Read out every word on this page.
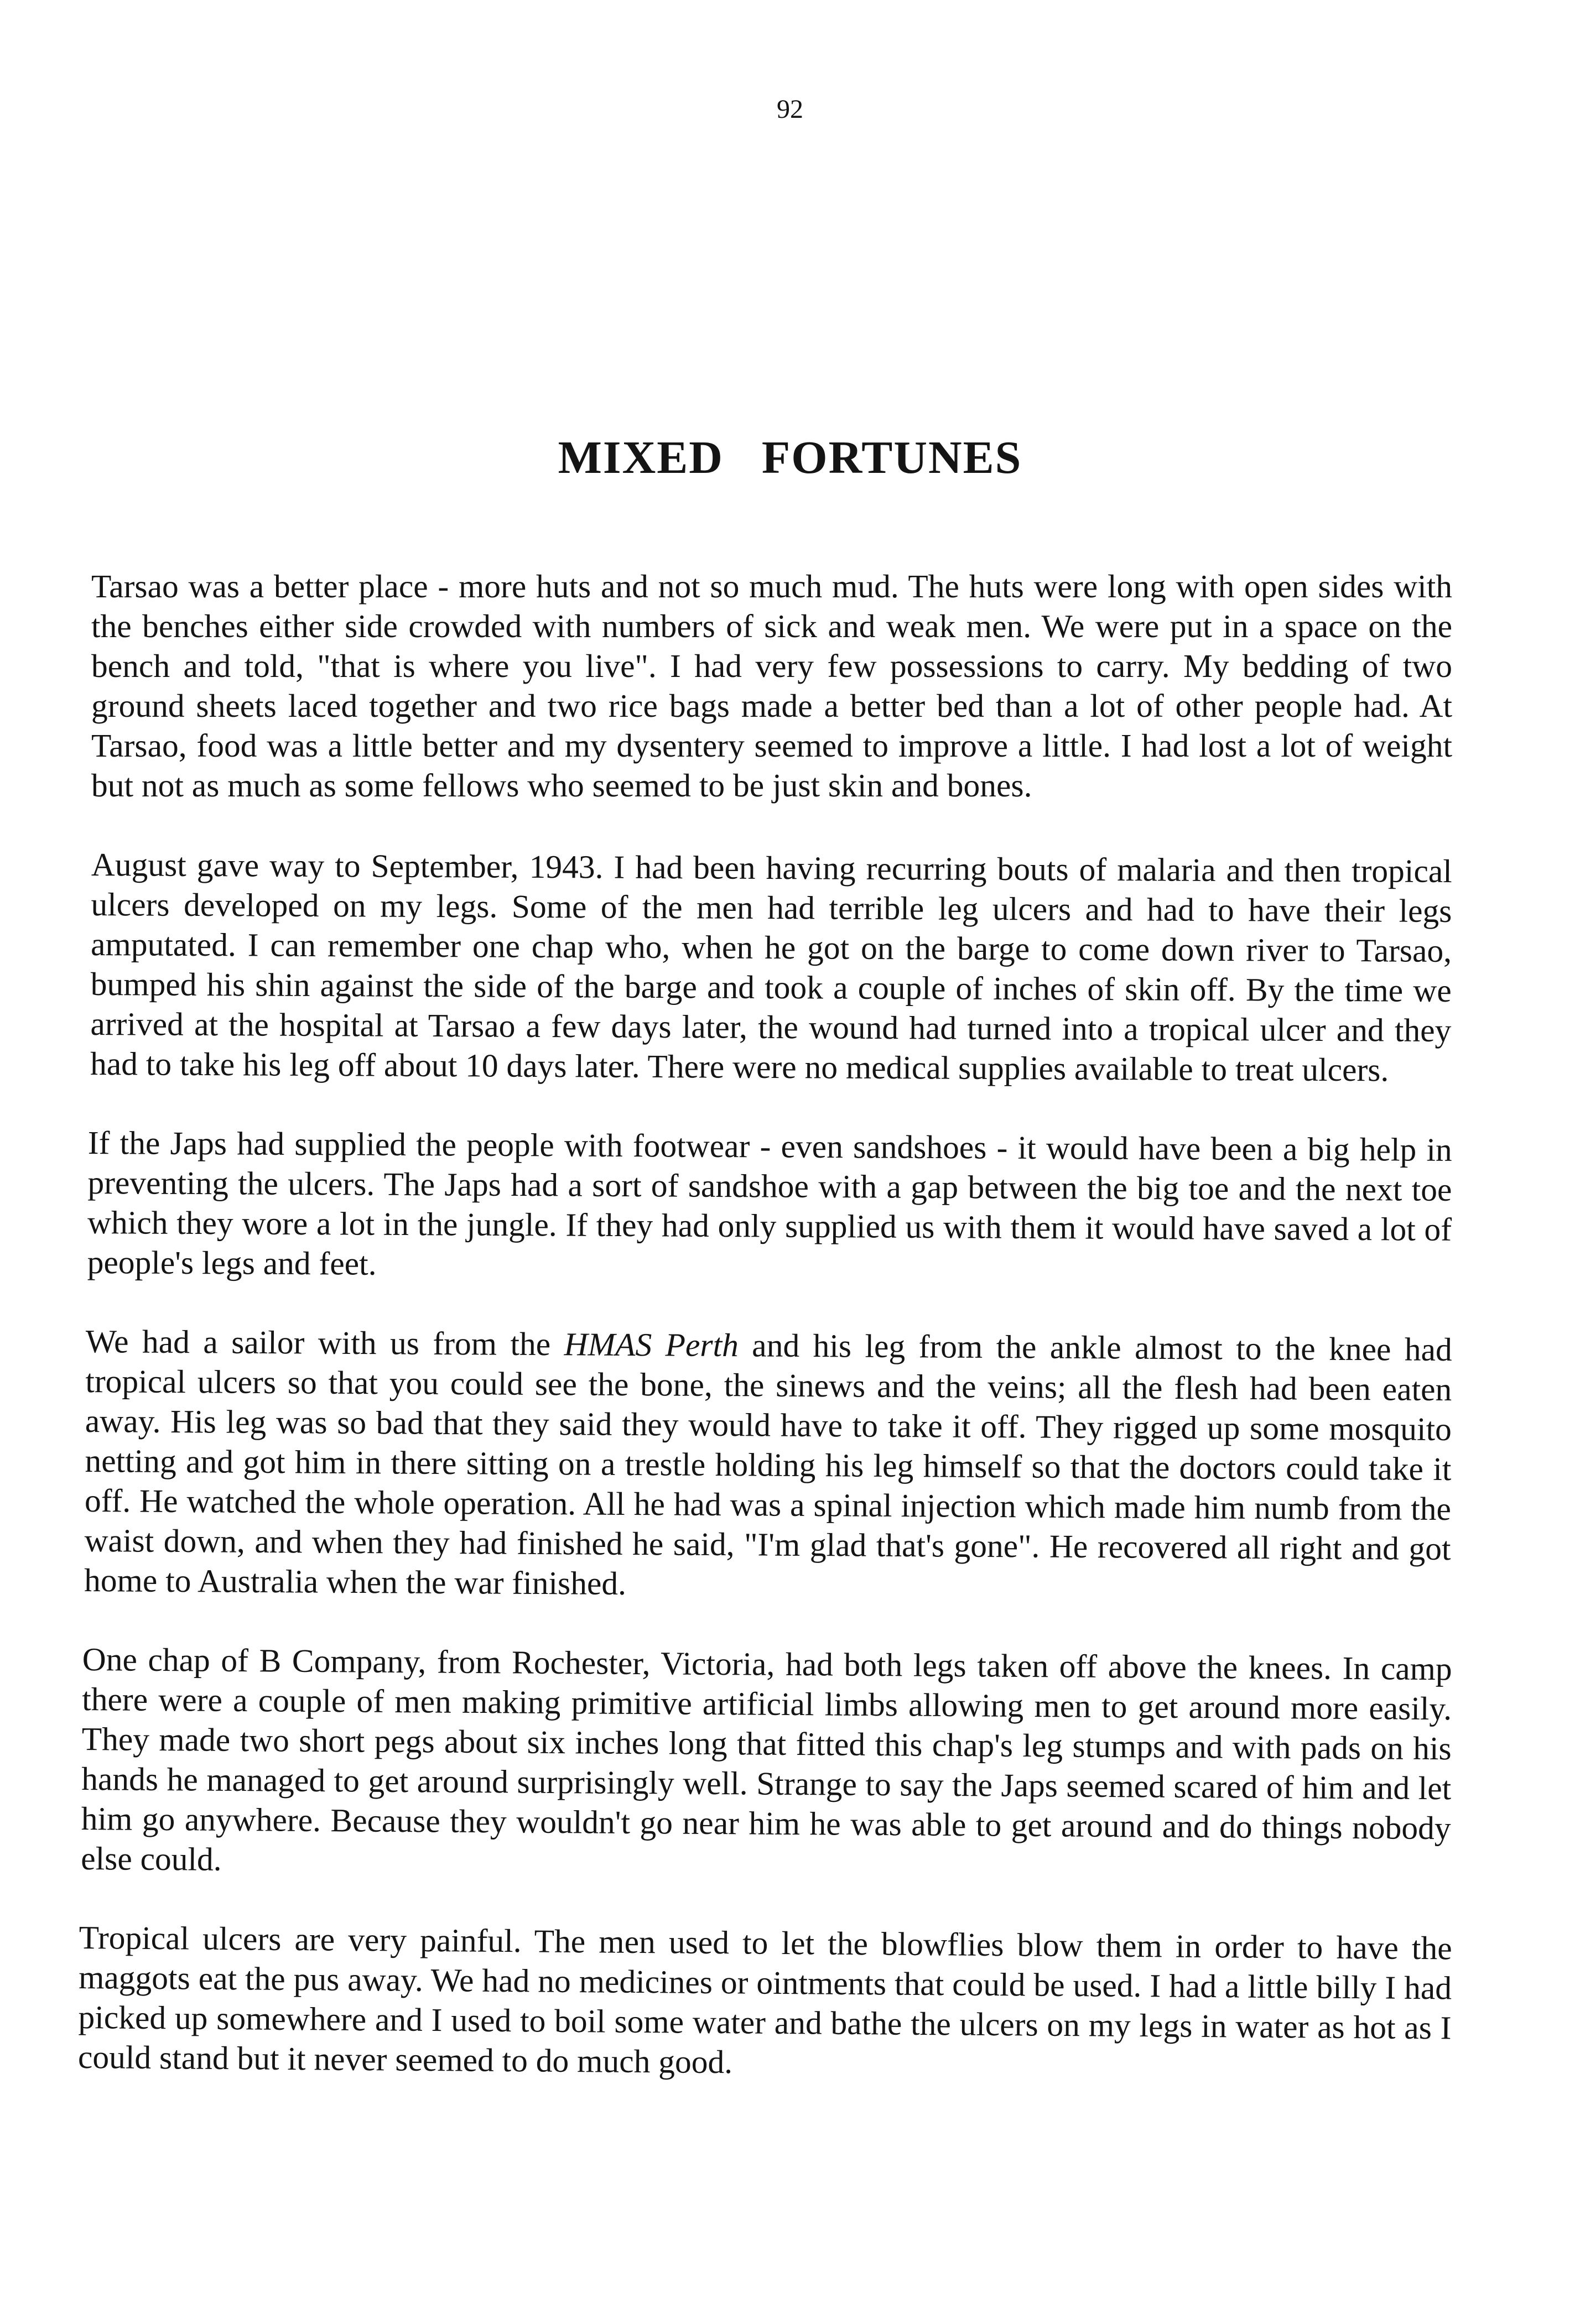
92
MIXED FORTUNES

Tarsao was a better place - more huts and not so much mud. The huts were long with open sides with the benches either side crowded with numbers of sick and weak men. We were put in a space on the bench and told, "that is where you live". I had very few possessions to carry. My bedding of two ground sheets laced together and two rice bags made a better bed than a lot of other people had. At Tarsao, food was a little better and my dysentery seemed to improve a little. I had lost a lot of weight but not as much as some fellows who seemed to be just skin and bones.

August gave way to September, 1943. I had been having recurring bouts of malaria and then tropical ulcers developed on my legs. Some of the men had terrible leg ulcers and had to have their legs amputated. I can remember one chap who, when he got on the barge to come down river to Tarsao, bumped his shin against the side of the barge and took a couple of inches of skin off. By the time we arrived at the hospital at Tarsao a few days later, the wound had turned into a tropical ulcer and they had to take his leg off about 10 days later. There were no medical supplies available to treat ulcers.

If the Japs had supplied the people with footwear - even sandshoes - it would have been a big help in preventing the ulcers. The Japs had a sort of sandshoe with a gap between the big toe and the next toe which they wore a lot in the jungle. If they had only supplied us with them it would have saved a lot of people's legs and feet.

We had a sailor with us from the HMAS Perth and his leg from the ankle almost to the knee had tropical ulcers so that you could see the bone, the sinews and the veins; all the flesh had been eaten away. His leg was so bad that they said they would have to take it off. They rigged up some mosquito netting and got him in there sitting on a trestle holding his leg himself so that the doctors could take it off. He watched the whole operation. All he had was a spinal injection which made him numb from the waist down, and when they had finished he said, "I'm glad that's gone". He recovered all right and got home to Australia when the war finished.

One chap of B Company, from Rochester, Victoria, had both legs taken off above the knees. In camp there were a couple of men making primitive artificial limbs allowing men to get around more easily. They made two short pegs about six inches long that fitted this chap's leg stumps and with pads on his hands he managed to get around surprisingly well. Strange to say the Japs seemed scared of him and let him go anywhere. Because they wouldn't go near him he was able to get around and do things nobody else could.

Tropical ulcers are very painful. The men used to let the blowflies blow them in order to have the maggots eat the pus away. We had no medicines or ointments that could be used. I had a little billy I had picked up somewhere and I used to boil some water and bathe the ulcers on my legs in water as hot as I could stand but it never seemed to do much good.
